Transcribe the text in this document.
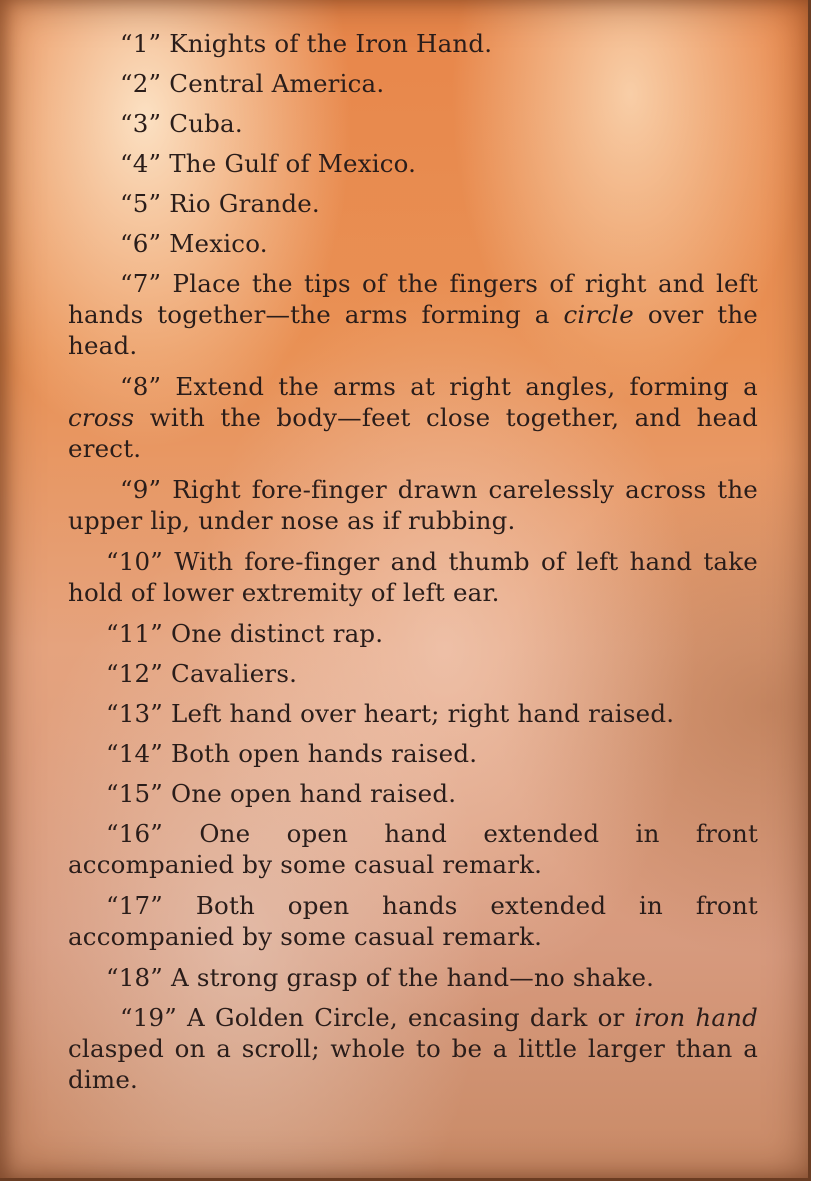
“1” Knights of the Iron Hand.

“2” Central America.

“3” Cuba.

“4” The Gulf of Mexico.

“5” Rio Grande.

“6” Mexico.

“7” Place the tips of the fingers of right and left hands together—the arms forming a circle over the head.

“8” Extend the arms at right angles, forming a cross with the body—feet close together, and head erect.

“9” Right fore-finger drawn carelessly across the upper lip, under nose as if rubbing.

“10” With fore-finger and thumb of left hand take hold of lower extremity of left ear.

“11” One distinct rap.

“12” Cavaliers.

“13” Left hand over heart; right hand raised.

“14” Both open hands raised.

“15” One open hand raised.

“16” One open hand extended in front accompanied by some casual remark.

“17” Both open hands extended in front accompanied by some casual remark.

“18” A strong grasp of the hand—no shake.

“19” A Golden Circle, encasing dark or iron hand clasped on a scroll; whole to be a little larger than a dime.
